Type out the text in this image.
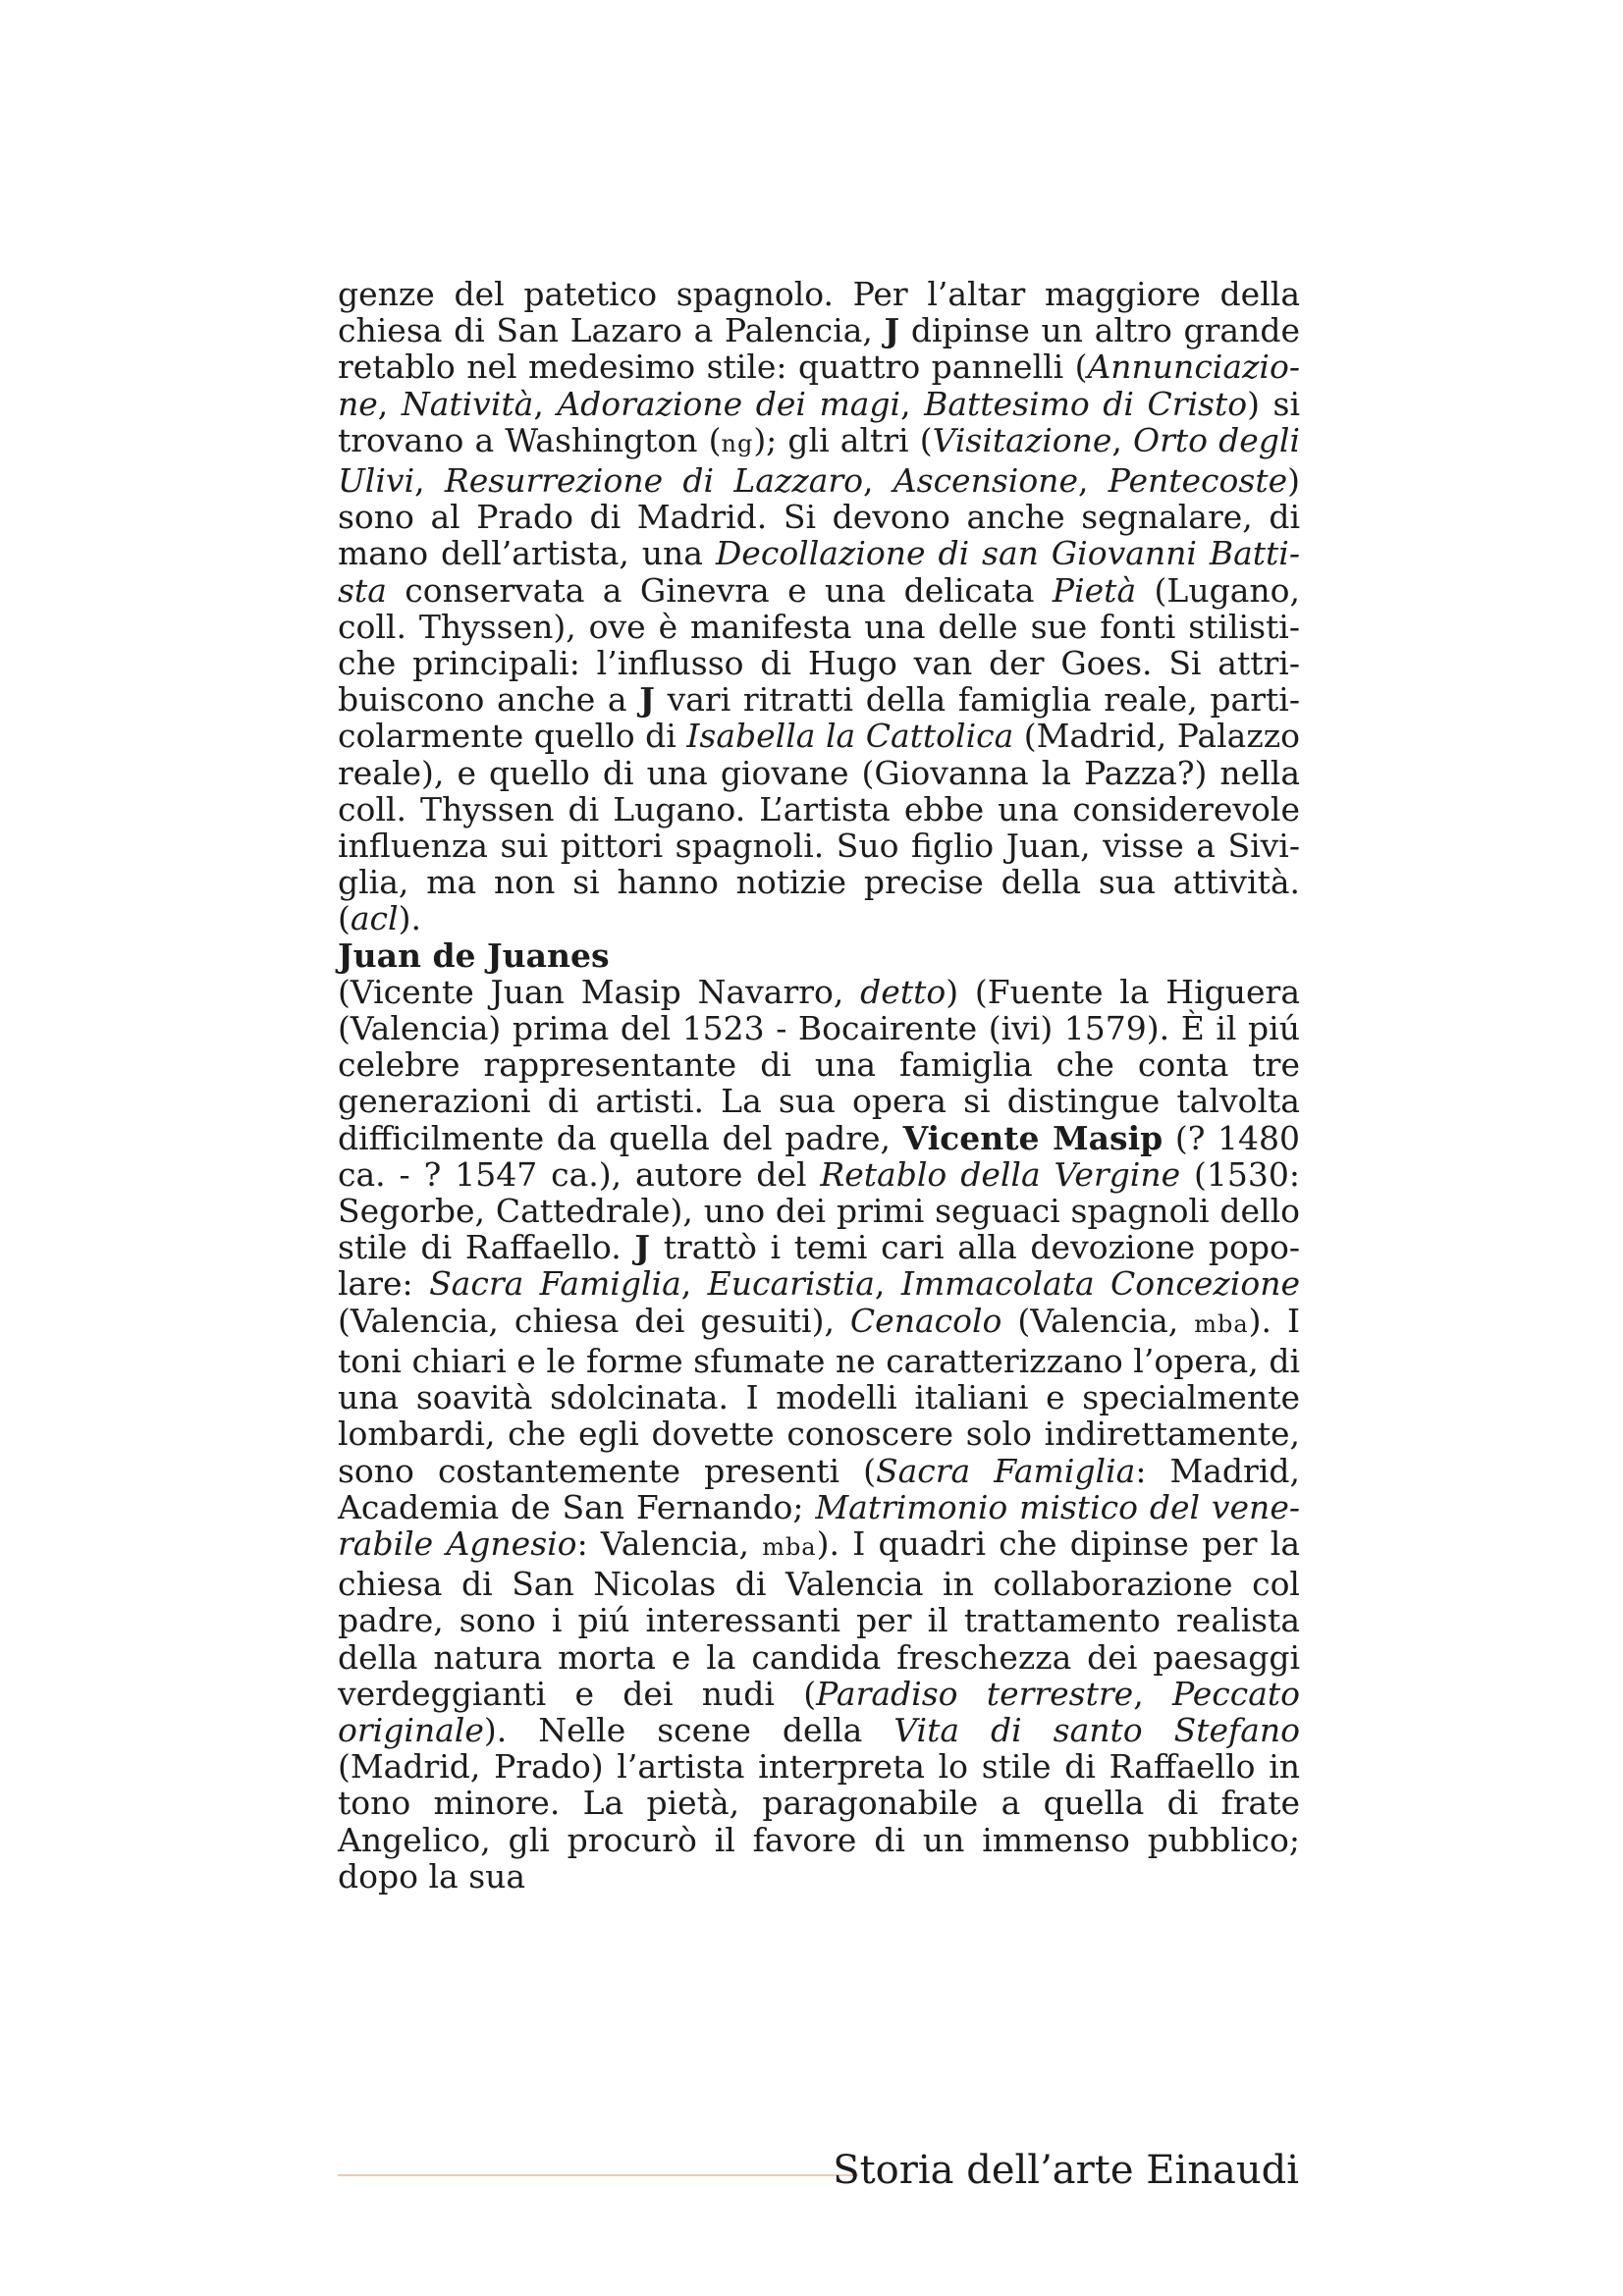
genze del patetico spagnolo. Per l’altar maggiore della chiesa di San Lazaro a Palencia, J dipinse un altro grande retablo nel medesimo stile: quattro pannelli (Annunciazione, Natività, Adorazione dei magi, Battesimo di Cristo) si trovano a Washington (ng); gli altri (Visitazione, Orto degli Ulivi, Resurrezione di Lazzaro, Ascensione, Pentecoste) sono al Prado di Madrid. Si devono anche segnalare, di mano dell’artista, una Decollazione di san Giovanni Battista conservata a Ginevra e una delicata Pietà (Lugano, coll. Thyssen), ove è manifesta una delle sue fonti stilistiche principali: l’influsso di Hugo van der Goes. Si attribuiscono anche a J vari ritratti della famiglia reale, particolarmente quello di Isabella la Cattolica (Madrid, Palazzo reale), e quello di una giovane (Giovanna la Pazza?) nella coll. Thyssen di Lugano. L’artista ebbe una considerevole influenza sui pittori spagnoli. Suo figlio Juan, visse a Siviglia, ma non si hanno notizie precise della sua attività. (acl).

Juan de Juanes

(Vicente Juan Masip Navarro, detto) (Fuente la Higuera (Valencia) prima del 1523 - Bocairente (ivi) 1579). È il piú celebre rappresentante di una famiglia che conta tre generazioni di artisti. La sua opera si distingue talvolta difficilmente da quella del padre, Vicente Masip (? 1480 ca. - ? 1547 ca.), autore del Retablo della Vergine (1530: Segorbe, Cattedrale), uno dei primi seguaci spagnoli dello stile di Raffaello. J trattò i temi cari alla devozione popolare: Sacra Famiglia, Eucaristia, Immacolata Concezione (Valencia, chiesa dei gesuiti), Cenacolo (Valencia, mba). I toni chiari e le forme sfumate ne caratterizzano l’opera, di una soavità sdolcinata. I modelli italiani e specialmente lombardi, che egli dovette conoscere solo indirettamente, sono costantemente presenti (Sacra Famiglia: Madrid, Academia de San Fernando; Matrimonio mistico del venerabile Agnesio: Valencia, mba). I quadri che dipinse per la chiesa di San Nicolas di Valencia in collaborazione col padre, sono i piú interessanti per il trattamento realista della natura morta e la candida freschezza dei paesaggi verdeggianti e dei nudi (Paradiso terrestre, Peccato originale). Nelle scene della Vita di santo Stefano (Madrid, Prado) l’artista interpreta lo stile di Raffaello in tono minore. La pietà, paragonabile a quella di frate Angelico, gli procurò il favore di un immenso pubblico; dopo la sua

Storia dell’arte Einaudi
